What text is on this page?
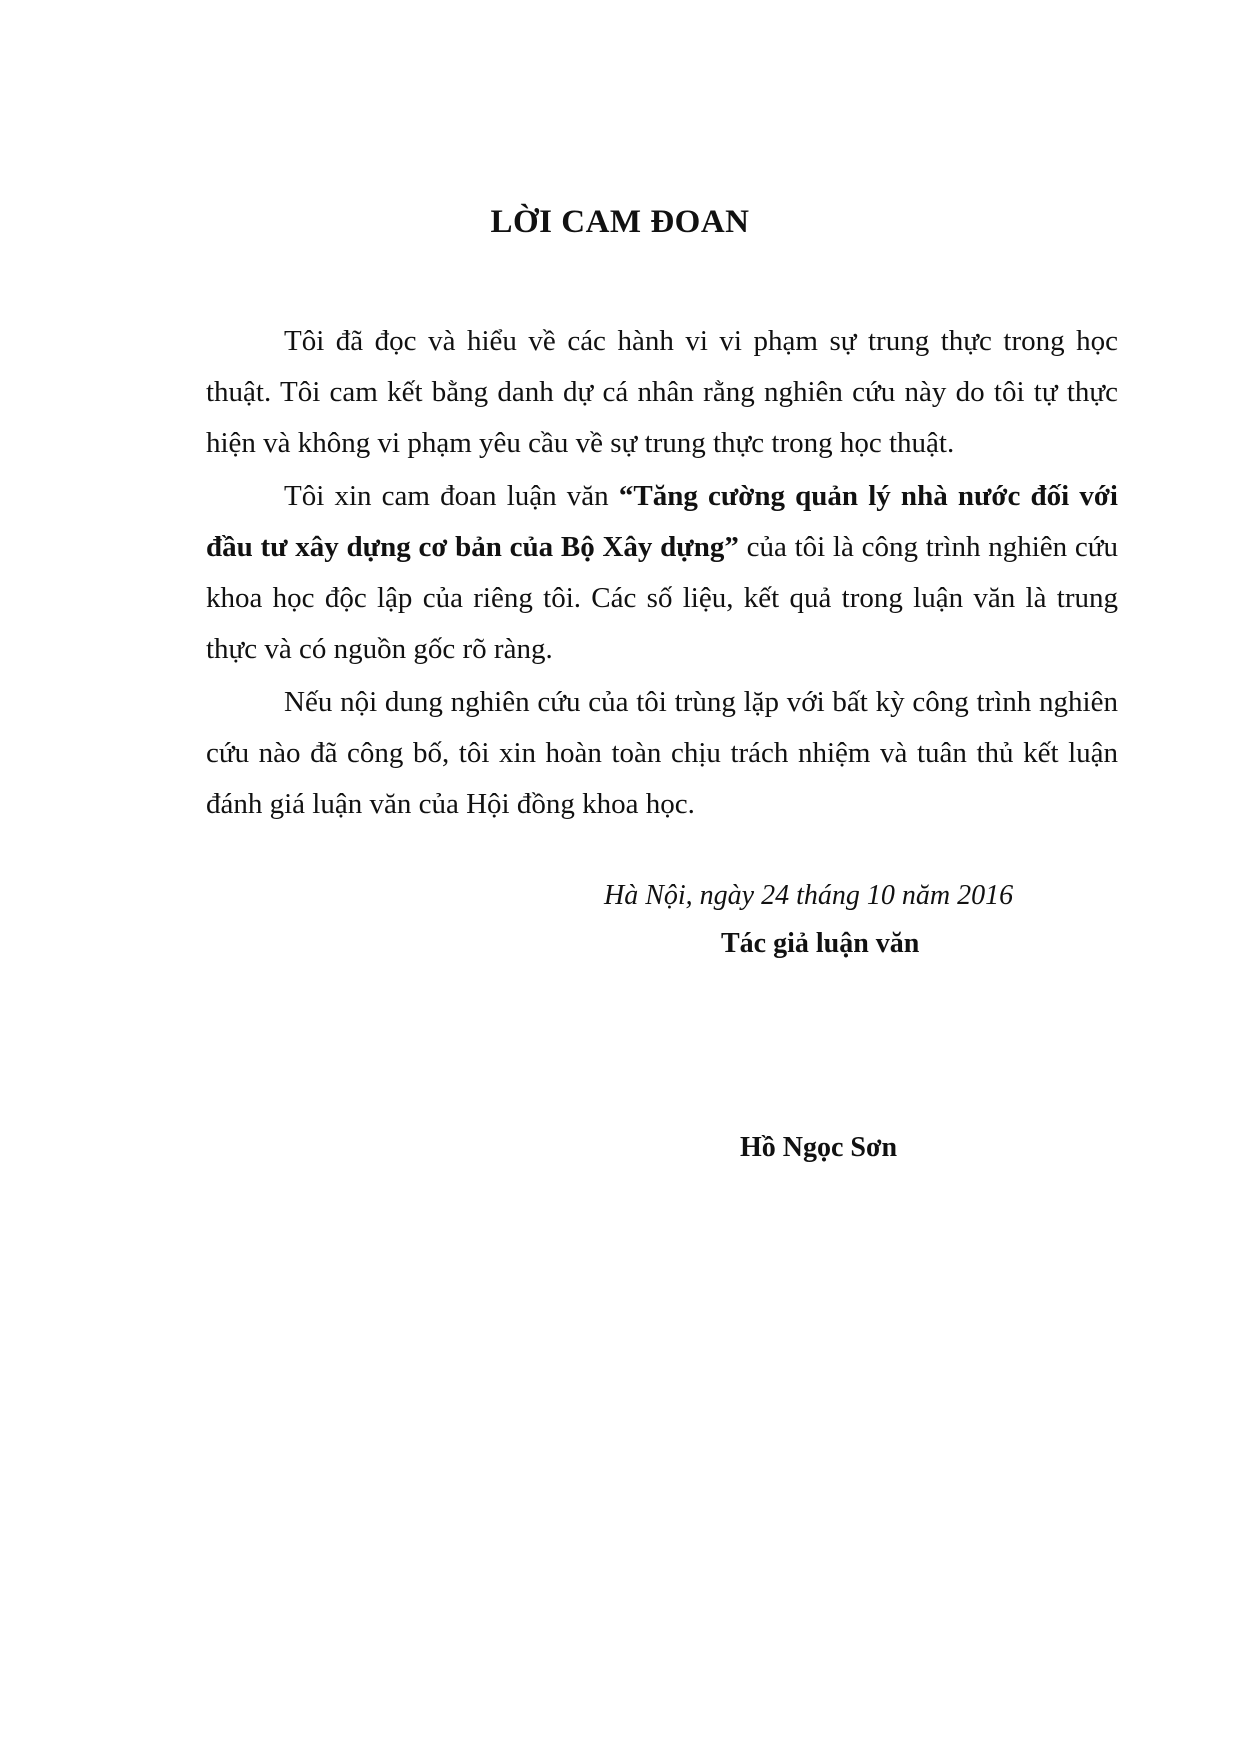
LỜI CAM ĐOAN

Tôi đã đọc và hiểu về các hành vi vi phạm sự trung thực trong học thuật. Tôi cam kết bằng danh dự cá nhân rằng nghiên cứu này do tôi tự thực hiện và không vi phạm yêu cầu về sự trung thực trong học thuật.

Tôi xin cam đoan luận văn “Tăng cường quản lý nhà nước đối với đầu tư xây dựng cơ bản của Bộ Xây dựng” của tôi là công trình nghiên cứu khoa học độc lập của riêng tôi. Các số liệu, kết quả trong luận văn là trung thực và có nguồn gốc rõ ràng.

Nếu nội dung nghiên cứu của tôi trùng lặp với bất kỳ công trình nghiên cứu nào đã công bố, tôi xin hoàn toàn chịu trách nhiệm và tuân thủ kết luận đánh giá luận văn của Hội đồng khoa học.

Hà Nội, ngày 24 tháng 10 năm 2016
Tác giả luận văn
Hồ Ngọc Sơn
